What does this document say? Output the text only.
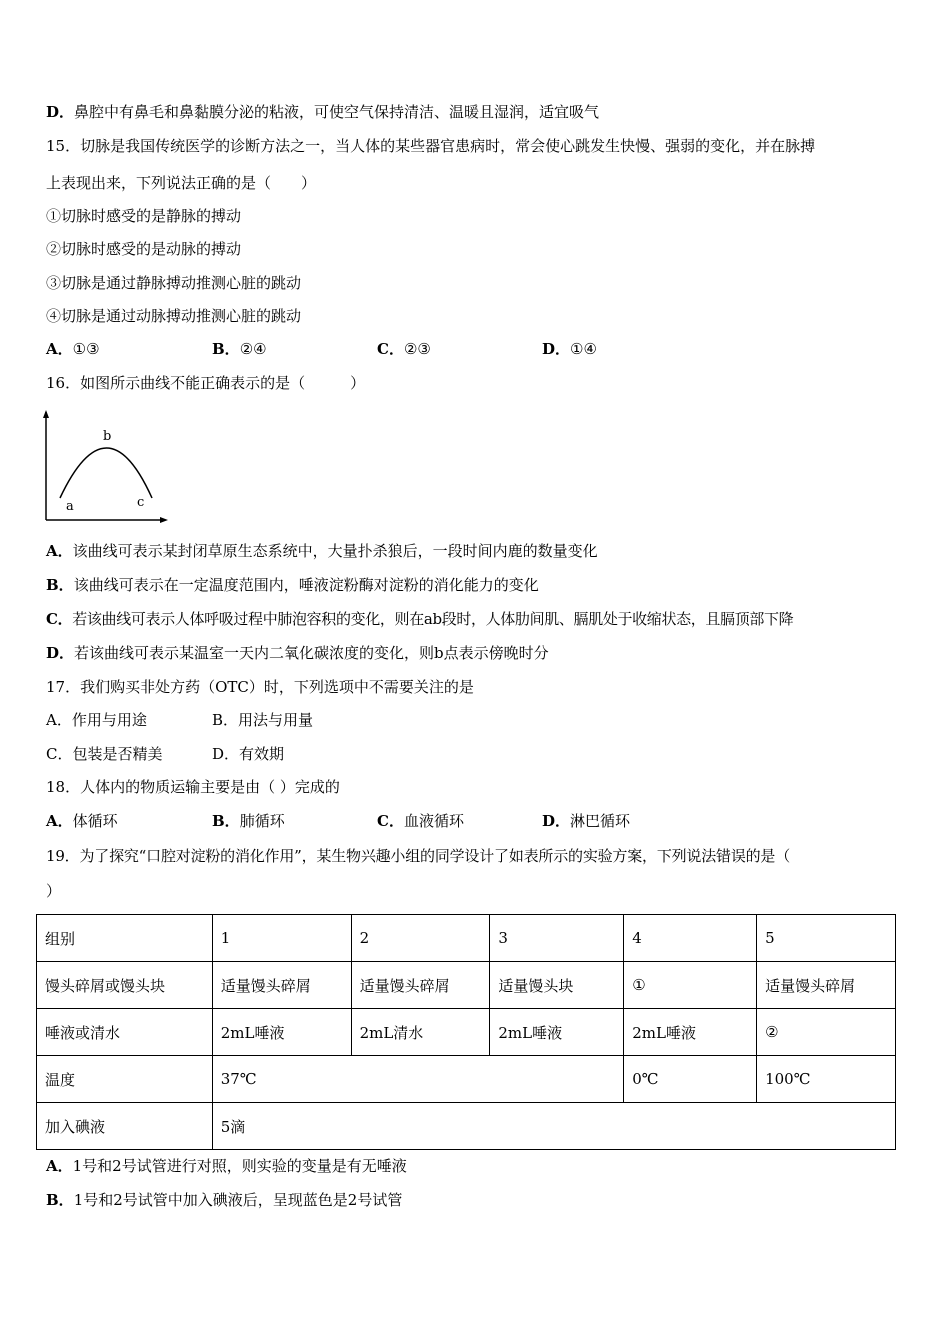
D．鼻腔中有鼻毛和鼻黏膜分泌的粘液，可使空气保持清洁、温暖且湿润，适宜吸气
15．切脉是我国传统医学的诊断方法之一，当人体的某些器官患病时，常会使心跳发生快慢、强弱的变化，并在脉搏
上表现出来，下列说法正确的是（　　）
①切脉时感受的是静脉的搏动
②切脉时感受的是动脉的搏动
③切脉是通过静脉搏动推测心脏的跳动
④切脉是通过动脉搏动推测心脏的跳动
A．①③	B．②④	C．②③	D．①④
16．如图所示曲线不能正确表示的是（　　　）
a
b
c
A．该曲线可表示某封闭草原生态系统中，大量扑杀狼后，一段时间内鹿的数量变化
B．该曲线可表示在一定温度范围内，唾液淀粉酶对淀粉的消化能力的变化
C．若该曲线可表示人体呼吸过程中肺泡容积的变化，则在ab段时，人体肋间肌、膈肌处于收缩状态，且膈顶部下降
D．若该曲线可表示某温室一天内二氧化碳浓度的变化，则b点表示傍晚时分
17．我们购买非处方药（OTC）时，下列选项中不需要关注的是
A．作用与用途	B．用法与用量
C．包装是否精美	D．有效期
18．人体内的物质运输主要是由（ ）完成的
A．体循环	B．肺循环	C．血液循环	D．淋巴循环
19．为了探究“口腔对淀粉的消化作用”，某生物兴趣小组的同学设计了如表所示的实验方案，下列说法错误的是（
）
组别	1	2	3	4	5
馒头碎屑或馒头块	适量馒头碎屑	适量馒头碎屑	适量馒头块	①	适量馒头碎屑
唾液或清水	2mL唾液	2mL清水	2mL唾液	2mL唾液	②
温度	37℃			0℃	100℃
加入碘液	5滴				
A．1号和2号试管进行对照，则实验的变量是有无唾液
B．1号和2号试管中加入碘液后，呈现蓝色是2号试管
